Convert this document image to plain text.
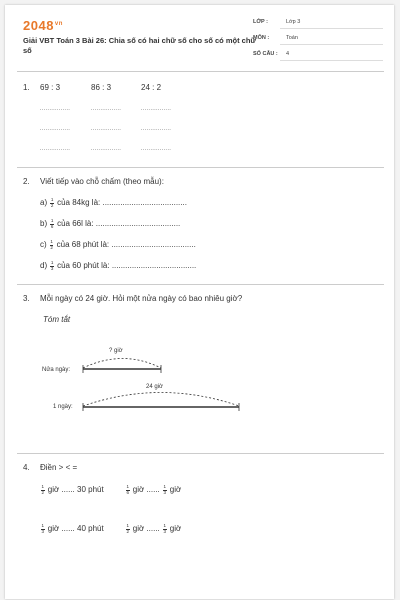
$2048^{vn}$
Giải VBT Toán 3 Bài 26: Chia số có hai chữ số cho số có một chữ số
LỚP :	Lớp 3
MÔN :	Toán
SỐ CÂU : 4
1. 69 : 3	86 : 3	24 : 2
................	................	................
................	................	................
................	................	................
2. Viết tiếp vào chỗ chấm (theo mẫu):
$a) \frac{1}{2}$ của 84kg là: ......................................
$b) \frac{1}{6}$ của 66l là: ......................................
$c) \frac{1}{2}$ của 68 phút là: ......................................
$d) \frac{1}{3}$ của 60 phút là: ......................................
3. Mỗi ngày có 24 giờ. Hỏi một nửa ngày có bao nhiêu giờ?
Tóm tắt
? giờ
Nửa ngày:
24 giờ
1 ngày:
4. Điền > < =
$\frac{1}{2}$ giờ ...... 30 phút	$\frac{1}{6}$ giờ ...... $\frac{1}{3}$ giờ
$\frac{1}{3}$ giờ ...... 40 phút	$\frac{1}{2}$ giờ ...... $\frac{1}{3}$ giờ
